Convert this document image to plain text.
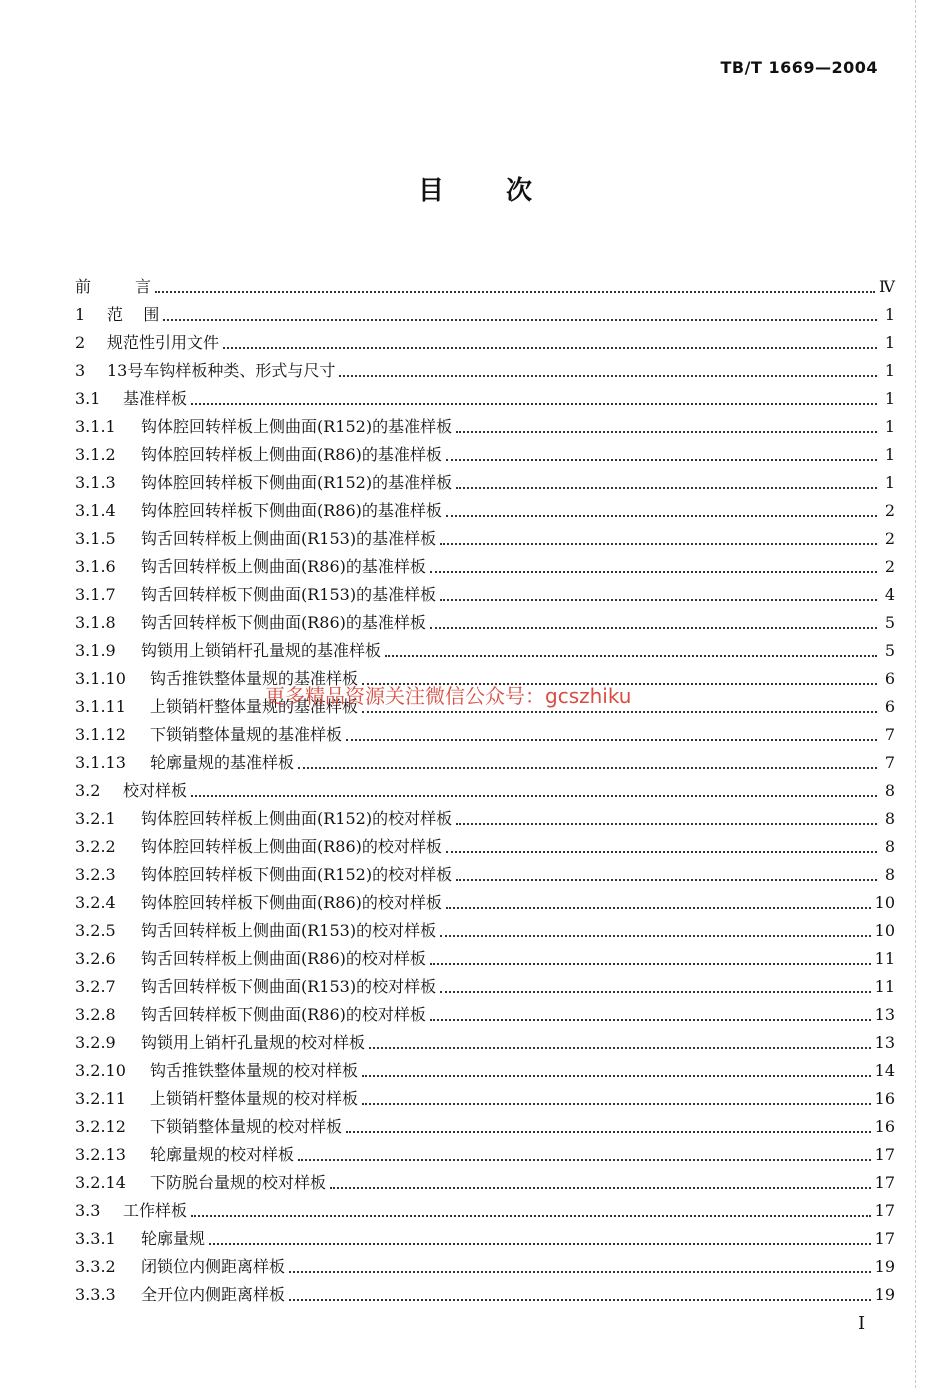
TB/T 1669—2004
目次
前	言	Ⅳ
1	范    围	1
2	规范性引用文件	1
3	13号车钩样板种类、形式与尺寸	1
3.1	基准样板	1
3.1.1	钩体腔回转样板上侧曲面(R152)的基准样板	1
3.1.2	钩体腔回转样板上侧曲面(R86)的基准样板	1
3.1.3	钩体腔回转样板下侧曲面(R152)的基准样板	1
3.1.4	钩体腔回转样板下侧曲面(R86)的基准样板	2
3.1.5	钩舌回转样板上侧曲面(R153)的基准样板	2
3.1.6	钩舌回转样板上侧曲面(R86)的基准样板	2
3.1.7	钩舌回转样板下侧曲面(R153)的基准样板	4
3.1.8	钩舌回转样板下侧曲面(R86)的基准样板	5
3.1.9	钩锁用上锁销杆孔量规的基准样板	5
3.1.10	钩舌推铁整体量规的基准样板	6
3.1.11	上锁销杆整体量规的基准样板	6
3.1.12	下锁销整体量规的基准样板	7
3.1.13	轮廓量规的基准样板	7
3.2	校对样板	8
3.2.1	钩体腔回转样板上侧曲面(R152)的校对样板	8
3.2.2	钩体腔回转样板上侧曲面(R86)的校对样板	8
3.2.3	钩体腔回转样板下侧曲面(R152)的校对样板	8
3.2.4	钩体腔回转样板下侧曲面(R86)的校对样板	10
3.2.5	钩舌回转样板上侧曲面(R153)的校对样板	10
3.2.6	钩舌回转样板上侧曲面(R86)的校对样板	11
3.2.7	钩舌回转样板下侧曲面(R153)的校对样板	11
3.2.8	钩舌回转样板下侧曲面(R86)的校对样板	13
3.2.9	钩锁用上销杆孔量规的校对样板	13
3.2.10	钩舌推铁整体量规的校对样板	14
3.2.11	上锁销杆整体量规的校对样板	16
3.2.12	下锁销整体量规的校对样板	16
3.2.13	轮廓量规的校对样板	17
3.2.14	下防脱台量规的校对样板	17
3.3	工作样板	17
3.3.1	轮廓量规	17
3.3.2	闭锁位内侧距离样板	19
3.3.3	全开位内侧距离样板	19
更多精品资源关注微信公众号：gcszhiku
I
